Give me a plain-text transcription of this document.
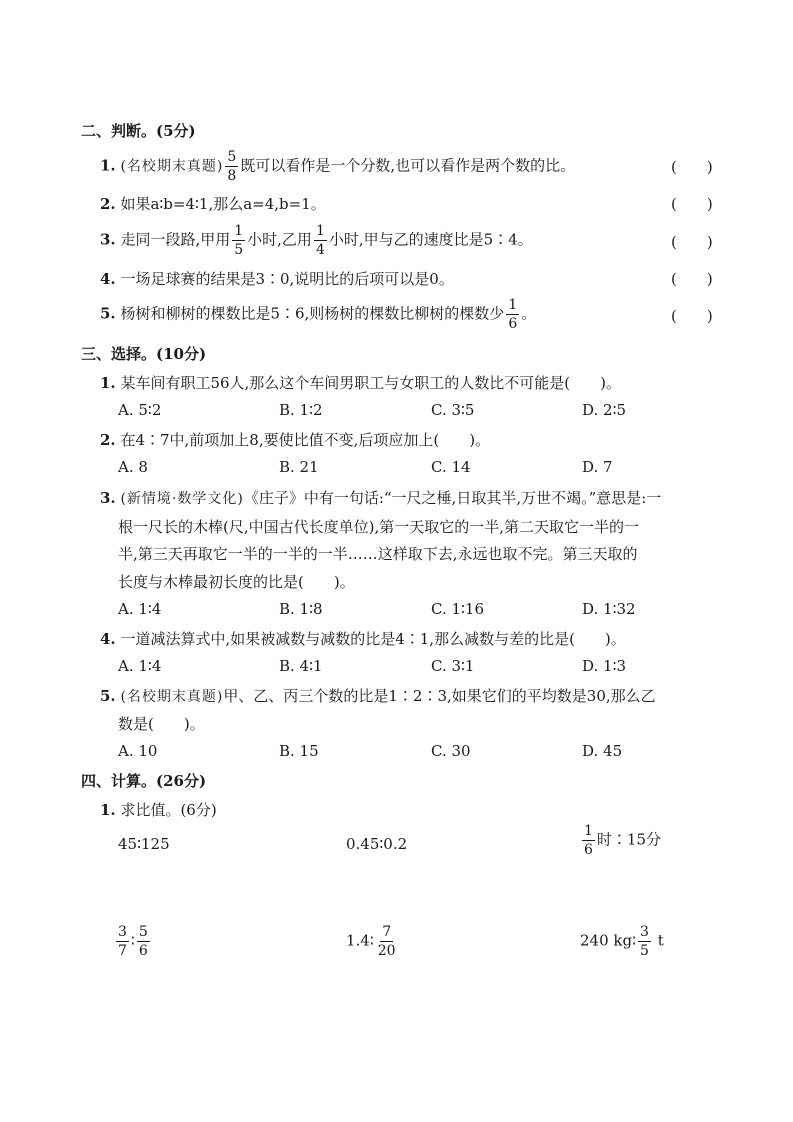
二、判断。(5分)
1. (名校期末真题) $\frac{5}{8}$ 既可以看作是一个分数,也可以看作是两个数的比。	(　　)
2. 如果a∶b=4∶1,那么a=4,b=1。	(　　)
3. 走同一段路,甲用 $\frac{1}{5}$ 小时,乙用 $\frac{1}{4}$ 小时,甲与乙的速度比是5∶4。	(　　)
4. 一场足球赛的结果是3∶0,说明比的后项可以是0。	(　　)
5. 杨树和柳树的棵数比是5∶6,则杨树的棵数比柳树的棵数少 $\frac{1}{6}$ 。	(　　)
三、选择。(10分)
1. 某车间有职工56人,那么这个车间男职工与女职工的人数比不可能是(　　)。
A. 5∶2	B. 1∶2	C. 3∶5	D. 2∶5
2. 在4∶7中,前项加上8,要使比值不变,后项应加上(　　)。
A. 8	B. 21	C. 14	D. 7
3. (新情境·数学文化)《庄子》中有一句话:“一尺之棰,日取其半,万世不竭。”意思是:一
根一尺长的木棒(尺,中国古代长度单位),第一天取它的一半,第二天取它一半的一
半,第三天再取它一半的一半的一半……这样取下去,永远也取不完。第三天取的
长度与木棒最初长度的比是(　　)。
A. 1∶4	B. 1∶8	C. 1∶16	D. 1∶32
4. 一道减法算式中,如果被减数与减数的比是4∶1,那么减数与差的比是(　　)。
A. 1∶4	B. 4∶1	C. 3∶1	D. 1∶3
5. (名校期末真题)甲、乙、丙三个数的比是1∶2∶3,如果它们的平均数是30,那么乙
数是(　　)。
A. 10	B. 15	C. 30	D. 45
四、计算。(26分)
1. 求比值。(6分)
45∶125	0.45∶0.2	$\frac{1}{6}$ 时∶15分
$\frac{3}{7}$ ∶ $\frac{5}{6}$	1.4∶ $\frac{7}{20}$	240 kg∶ $\frac{3}{5}$ t
